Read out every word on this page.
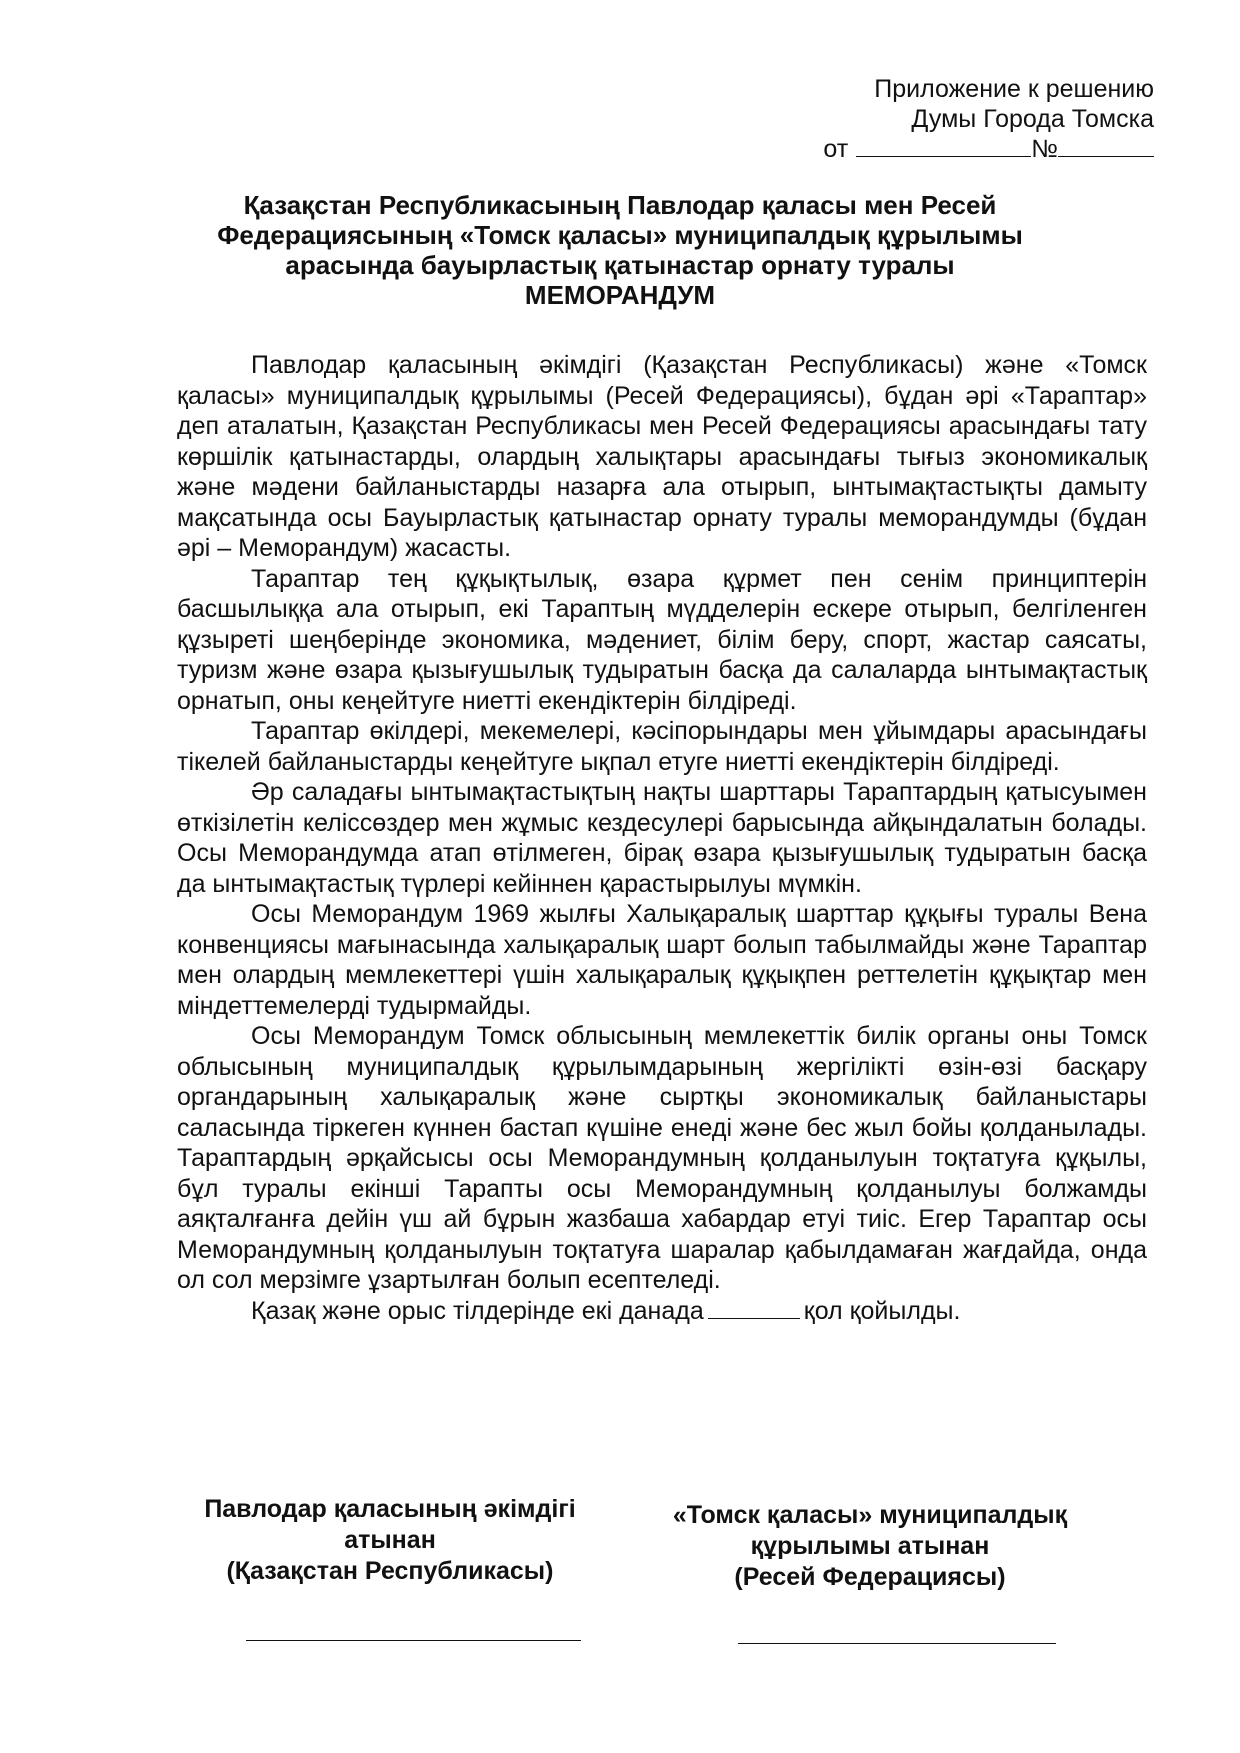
Приложение к решению
Думы Города Томска
от	№
Қазақстан Республикасының Павлодар қаласы мен Ресей
Федерациясының «Томск қаласы» муниципалдық құрылымы
арасында бауырластық қатынастар орнату туралы
МЕМОРАНДУМ

Павлодар қаласының әкімдігі (Қазақстан Республикасы) және «Томск қаласы» муниципалдық құрылымы (Ресей Федерациясы), бұдан әрі «Тараптар» деп аталатын, Қазақстан Республикасы мен Ресей Федерациясы арасындағы тату көршілік қатынастарды, олардың халықтары арасындағы тығыз экономикалық және мәдени байланыстарды назарға ала отырып, ынтымақтастықты дамыту мақсатында осы Бауырластық қатынастар орнату туралы меморандумды (бұдан әрі – Меморандум) жасасты.

Тараптар тең құқықтылық, өзара құрмет пен сенім принциптерін басшылыққа ала отырып, екі Тараптың мүдделерін ескере отырып, белгіленген құзыреті шеңберінде экономика, мәдениет, білім беру, спорт, жастар саясаты, туризм және өзара қызығушылық тудыратын басқа да салаларда ынтымақтастық орнатып, оны кеңейтуге ниетті екендіктерін білдіреді.

Тараптар өкілдері, мекемелері, кәсіпорындары мен ұйымдары арасындағы тікелей байланыстарды кеңейтуге ықпал етуге ниетті екендіктерін білдіреді.

Әр саладағы ынтымақтастықтың нақты шарттары Тараптардың қатысуымен өткізілетін келіссөздер мен жұмыс кездесулері барысында айқындалатын болады. Осы Меморандумда атап өтілмеген, бірақ өзара қызығушылық тудыратын басқа да ынтымақтастық түрлері кейіннен қарастырылуы мүмкін.

Осы Меморандум 1969 жылғы Халықаралық шарттар құқығы туралы Вена конвенциясы мағынасында халықаралық шарт болып табылмайды және Тараптар мен олардың мемлекеттері үшін халықаралық құқықпен реттелетін құқықтар мен міндеттемелерді тудырмайды.

Осы Меморандум Томск облысының мемлекеттік билік органы оны Томск облысының муниципалдық құрылымдарының жергілікті өзін-өзі басқару органдарының халықаралық және сыртқы экономикалық байланыстары саласында тіркеген күннен бастап күшіне енеді және бес жыл бойы қолданылады. Тараптардың әрқайсысы осы Меморандумның қолданылуын тоқтатуға құқылы, бұл туралы екінші Тарапты осы Меморандумның қолданылуы болжамды аяқталғанға дейін үш ай бұрын жазбаша хабардар етуі тиіс. Егер Тараптар осы Меморандумның қолданылуын тоқтатуға шаралар қабылдамаған жағдайда, онда ол сол мерзімге ұзартылған болып есептеледі.

Қазақ және орыс тілдерінде екі данада	қол қойылды.

Павлодар қаласының әкімдігі
атынан
(Қазақстан Республикасы)
«Томск қаласы» муниципалдық
құрылымы атынан
(Ресей Федерациясы)
